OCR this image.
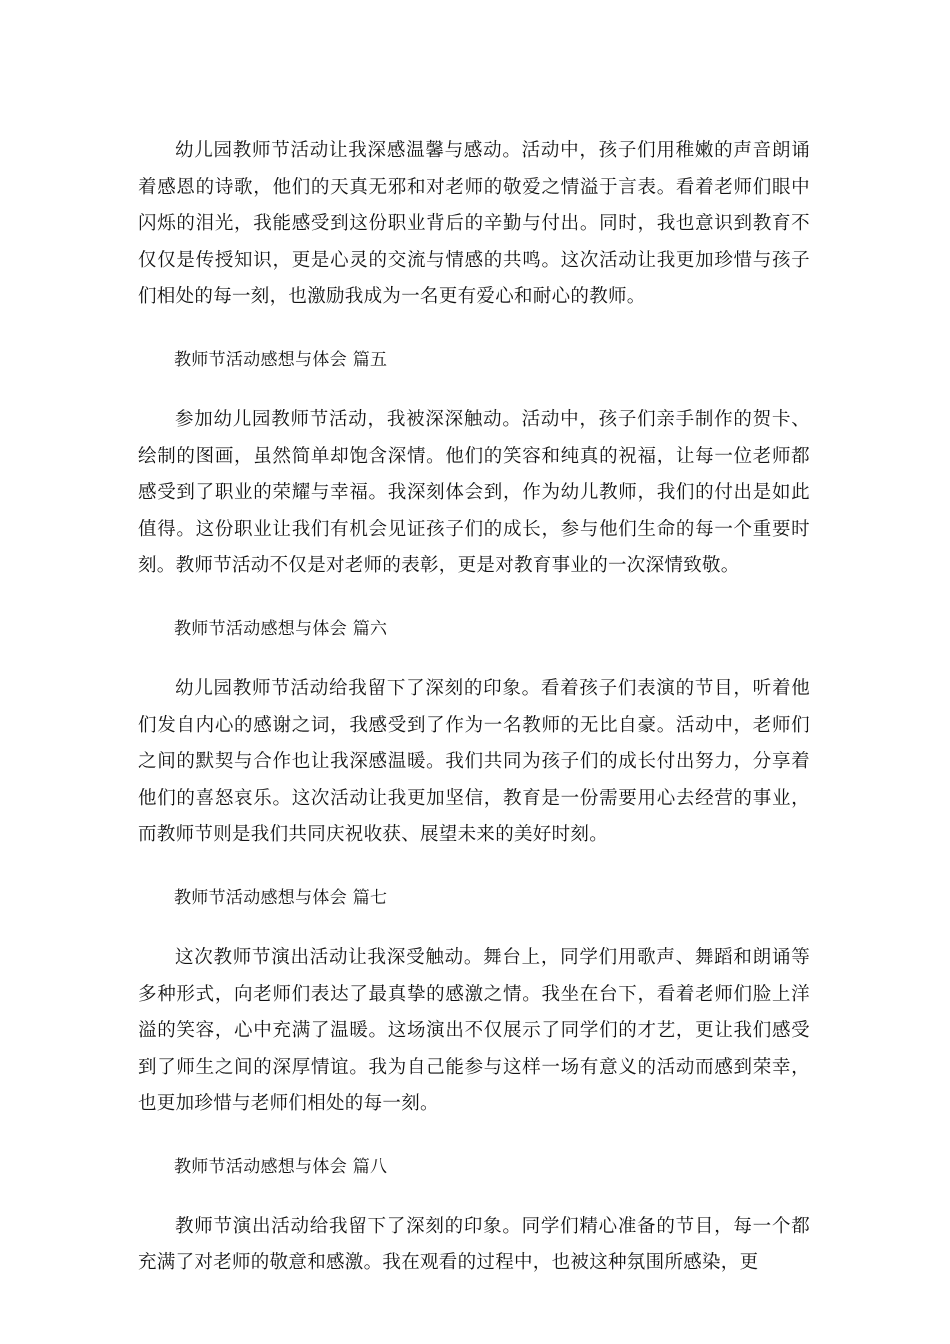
幼儿园教师节活动让我深感温馨与感动。活动中，孩子们用稚嫩的声音朗诵着感恩的诗歌，他们的天真无邪和对老师的敬爱之情溢于言表。看着老师们眼中闪烁的泪光，我能感受到这份职业背后的辛勤与付出。同时，我也意识到教育不仅仅是传授知识，更是心灵的交流与情感的共鸣。这次活动让我更加珍惜与孩子们相处的每一刻，也激励我成为一名更有爱心和耐心的教师。

教师节活动感想与体会 篇五

参加幼儿园教师节活动，我被深深触动。活动中，孩子们亲手制作的贺卡、绘制的图画，虽然简单却饱含深情。他们的笑容和纯真的祝福，让每一位老师都感受到了职业的荣耀与幸福。我深刻体会到，作为幼儿教师，我们的付出是如此值得。这份职业让我们有机会见证孩子们的成长，参与他们生命的每一个重要时刻。教师节活动不仅是对老师的表彰，更是对教育事业的一次深情致敬。

教师节活动感想与体会 篇六

幼儿园教师节活动给我留下了深刻的印象。看着孩子们表演的节目，听着他们发自内心的感谢之词，我感受到了作为一名教师的无比自豪。活动中，老师们之间的默契与合作也让我深感温暖。我们共同为孩子们的成长付出努力，分享着他们的喜怒哀乐。这次活动让我更加坚信，教育是一份需要用心去经营的事业，而教师节则是我们共同庆祝收获、展望未来的美好时刻。

教师节活动感想与体会 篇七

这次教师节演出活动让我深受触动。舞台上，同学们用歌声、舞蹈和朗诵等多种形式，向老师们表达了最真挚的感激之情。我坐在台下，看着老师们脸上洋溢的笑容，心中充满了温暖。这场演出不仅展示了同学们的才艺，更让我们感受到了师生之间的深厚情谊。我为自己能参与这样一场有意义的活动而感到荣幸，也更加珍惜与老师们相处的每一刻。

教师节活动感想与体会 篇八

教师节演出活动给我留下了深刻的印象。同学们精心准备的节目，每一个都充满了对老师的敬意和感激。我在观看的过程中，也被这种氛围所感染，更
